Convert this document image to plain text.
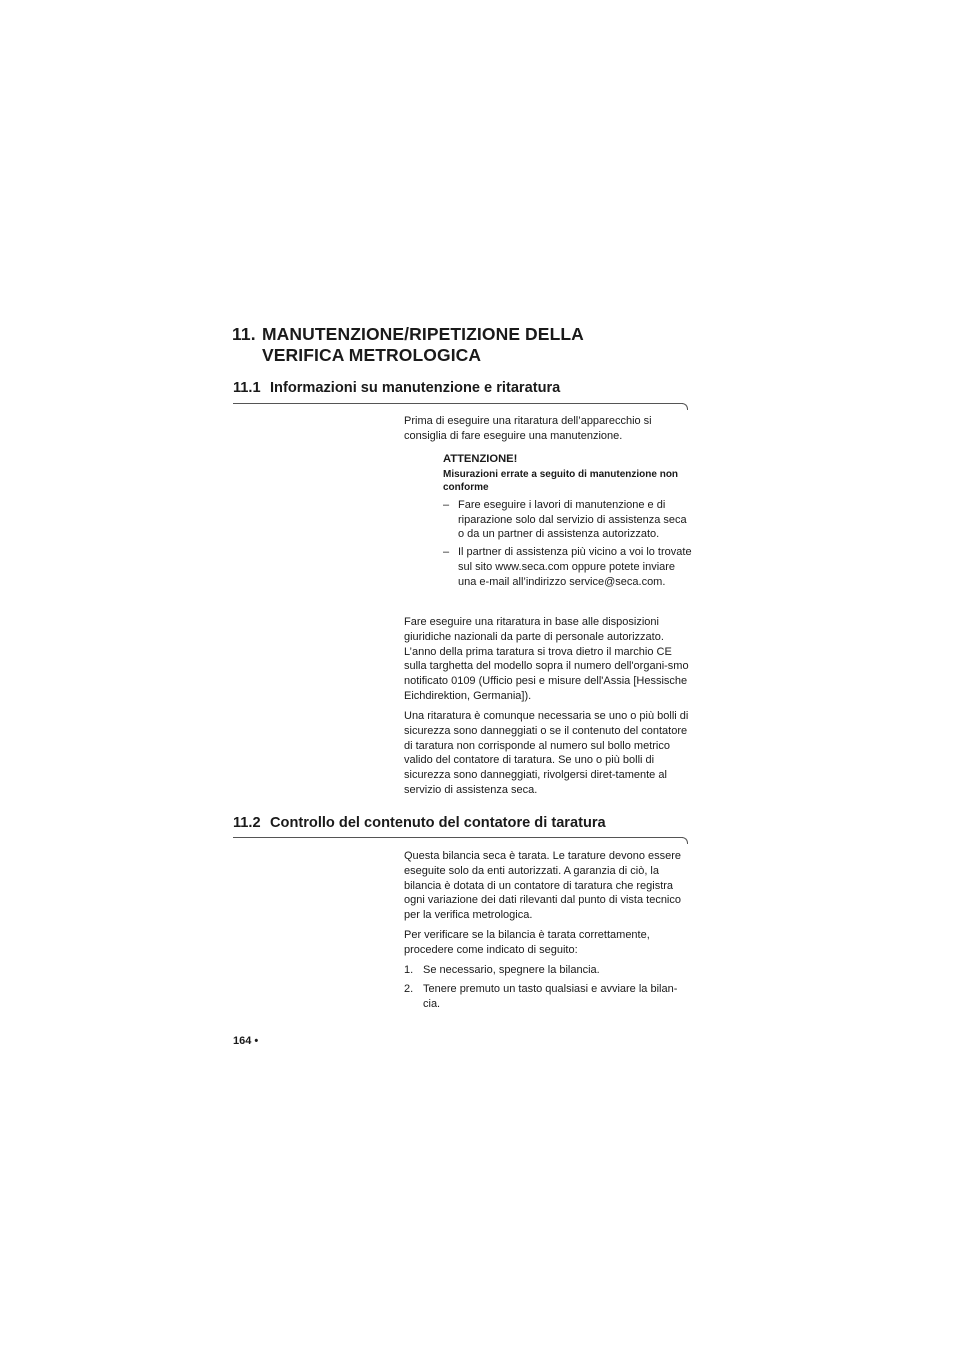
11. MANUTENZIONE/RIPETIZIONE DELLA
VERIFICA METROLOGICA
11.1 Informazioni su manutenzione e ritaratura

Prima di eseguire una ritaratura dell’apparecchio si consiglia di fare eseguire una manutenzione.

ATTENZIONE!
Misurazioni errate a seguito di manutenzione non conforme

– Fare eseguire i lavori di manutenzione e di riparazione solo dal servizio di assistenza seca o da un partner di assistenza autorizzato.

– Il partner di assistenza più vicino a voi lo trovate sul sito www.seca.com oppure potete inviare una e-mail all’indirizzo service@seca.com.

Fare eseguire una ritaratura in base alle disposizioni giuridiche nazionali da parte di personale autorizzato. L’anno della prima taratura si trova dietro il marchio CE sulla targhetta del modello sopra il numero dell'organi-smo notificato 0109 (Ufficio pesi e misure dell'Assia [Hessische Eichdirektion, Germania]).

Una ritaratura è comunque necessaria se uno o più bolli di sicurezza sono danneggiati o se il contenuto del contatore di taratura non corrisponde al numero sul bollo metrico valido del contatore di taratura. Se uno o più bolli di sicurezza sono danneggiati, rivolgersi diret-tamente al servizio di assistenza seca.

11.2 Controllo del contenuto del contatore di taratura

Questa bilancia seca è tarata. Le tarature devono essere eseguite solo da enti autorizzati. A garanzia di ciò, la bilancia è dotata di un contatore di taratura che registra ogni variazione dei dati rilevanti dal punto di vista tecnico per la verifica metrologica.

Per verificare se la bilancia è tarata correttamente, procedere come indicato di seguito:

1. Se necessario, spegnere la bilancia.

2. Tenere premuto un tasto qualsiasi e avviare la bilan-cia.

164 •
